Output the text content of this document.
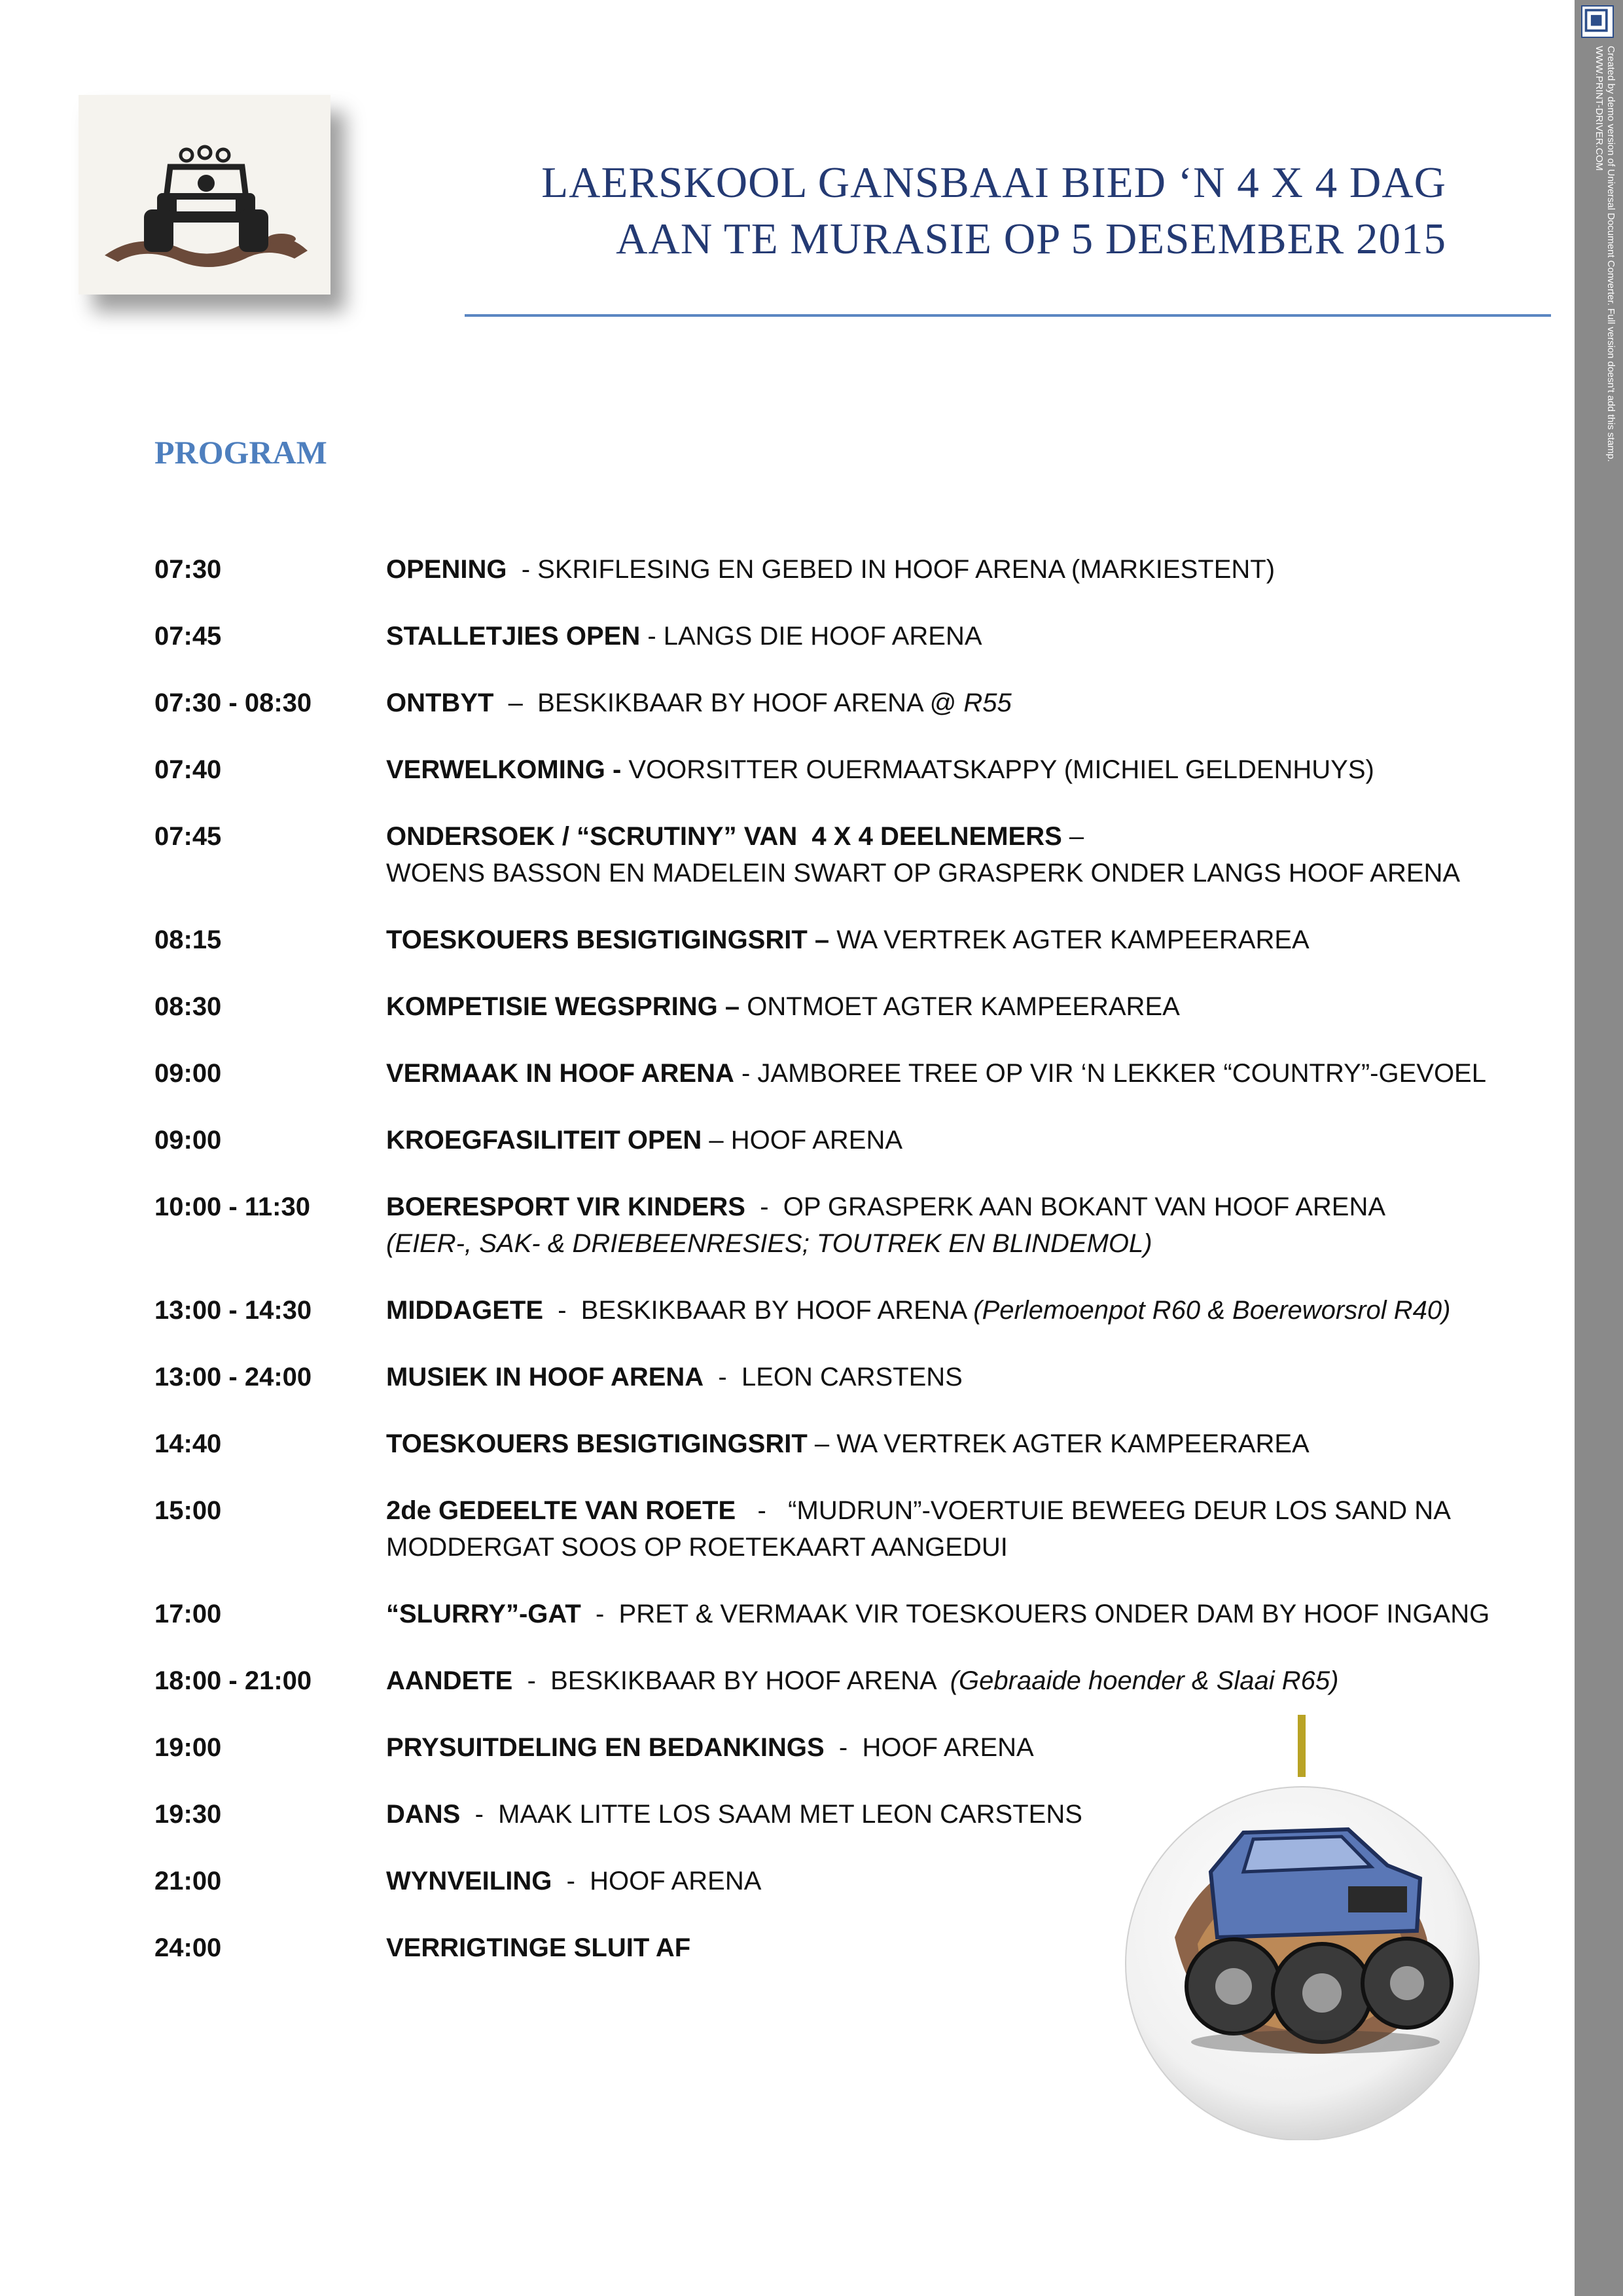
LAERSKOOL GANSBAAI BIED ‘N 4 X 4 DAG
AAN TE MURASIE OP 5 DESEMBER 2015
PROGRAM
07:30	OPENING  - SKRIFLESING EN GEBED IN HOOF ARENA (MARKIESTENT)
07:45	STALLETJIES OPEN - LANGS DIE HOOF ARENA
07:30 - 08:30	ONTBYT  –  BESKIKBAAR BY HOOF ARENA @ R55
07:40	VERWELKOMING - VOORSITTER OUERMAATSKAPPY (MICHIEL GELDENHUYS)
07:45	ONDERSOEK / “SCRUTINY” VAN  4 X 4 DEELNEMERS –
WOENS BASSON EN MADELEIN SWART OP GRASPERK ONDER LANGS HOOF ARENA
08:15	TOESKOUERS BESIGTIGINGSRIT – WA VERTREK AGTER KAMPEERAREA
08:30	KOMPETISIE WEGSPRING – ONTMOET AGTER KAMPEERAREA
09:00	VERMAAK IN HOOF ARENA - JAMBOREE TREE OP VIR ‘N LEKKER “COUNTRY”-GEVOEL
09:00	KROEGFASILITEIT OPEN – HOOF ARENA
10:00 - 11:30	BOERESPORT VIR KINDERS  -  OP GRASPERK AAN BOKANT VAN HOOF ARENA
(EIER-, SAK- & DRIEBEENRESIES; TOUTREK EN BLINDEMOL)
13:00 - 14:30	MIDDAGETE  -  BESKIKBAAR BY HOOF ARENA (Perlemoenpot R60 & Boereworsrol R40)
13:00 - 24:00	MUSIEK IN HOOF ARENA  -  LEON CARSTENS
14:40	TOESKOUERS BESIGTIGINGSRIT – WA VERTREK AGTER KAMPEERAREA
15:00	2de GEDEELTE VAN ROETE   -   “MUDRUN”-VOERTUIE BEWEEG DEUR LOS SAND NA
MODDERGAT SOOS OP ROETEKAART AANGEDUI
17:00	“SLURRY”-GAT  -  PRET & VERMAAK VIR TOESKOUERS ONDER DAM BY HOOF INGANG
18:00 - 21:00	AANDETE  -  BESKIKBAAR BY HOOF ARENA  (Gebraaide hoender & Slaai R65)
19:00	PRYSUITDELING EN BEDANKINGS  -  HOOF ARENA
19:30	DANS  -  MAAK LITTE LOS SAAM MET LEON CARSTENS
21:00	WYNVEILING  -  HOOF ARENA
24:00	VERRIGTINGE SLUIT AF
Created by demo version of Universal Document Converter. Full version doesn't add this stamp.
WWW.PRINT-DRIVER.COM
